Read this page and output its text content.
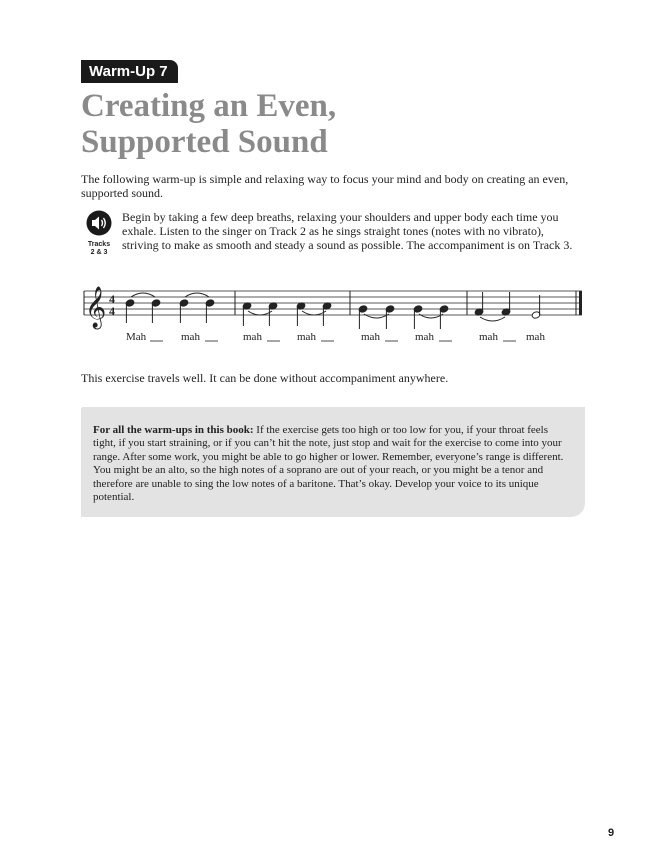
Warm-Up 7
Creating an Even,
Supported Sound

The following warm-up is simple and relaxing way to focus your mind and body on creating an even, supported sound.

Tracks
2 & 3

Begin by taking a few deep breaths, relaxing your shoulders and upper body each time you exhale. Listen to the singer on Track 2 as he sings straight tones (notes with no vibrato), striving to make as smooth and steady a sound as possible. The accompaniment is on Track 3.

𝄞 4
4
Mah	mah	mah	mah	mah	mah	mah	mah

This exercise travels well. It can be done without accompaniment anywhere.

For all the warm-ups in this book: If the exercise gets too high or too low for you, if your throat feels tight, if you start straining, or if you can’t hit the note, just stop and wait for the exercise to come into your range. After some work, you might be able to go higher or lower. Remember, everyone’s range is different. You might be an alto, so the high notes of a soprano are out of your reach, or you might be a tenor and therefore are unable to sing the low notes of a baritone. That’s okay. Develop your voice to its unique potential.

9
